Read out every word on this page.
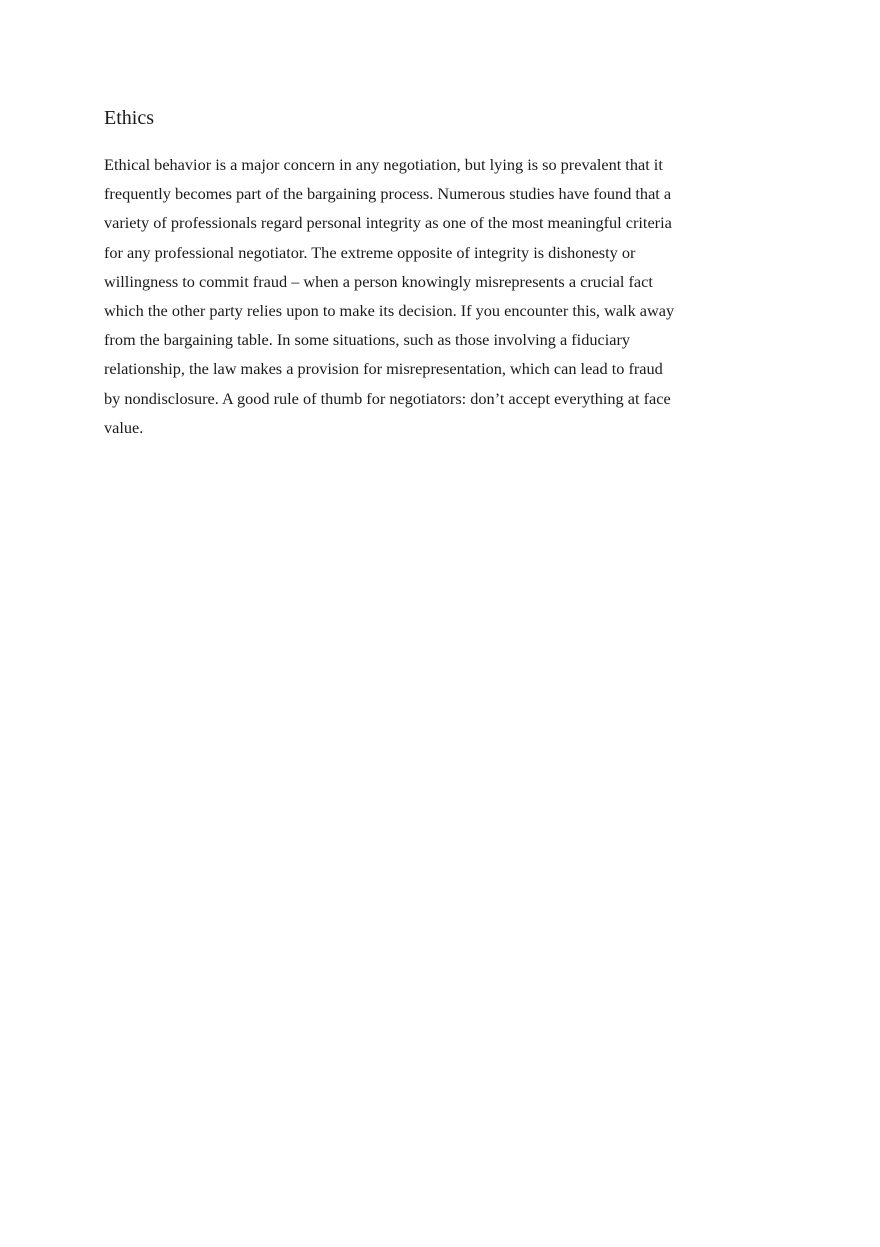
Ethics

Ethical behavior is a major concern in any negotiation, but lying is so prevalent that it
frequently becomes part of the bargaining process. Numerous studies have found that a
variety of professionals regard personal integrity as one of the most meaningful criteria
for any professional negotiator. The extreme opposite of integrity is dishonesty or
willingness to commit fraud – when a person knowingly misrepresents a crucial fact
which the other party relies upon to make its decision. If you encounter this, walk away
from the bargaining table. In some situations, such as those involving a fiduciary
relationship, the law makes a provision for misrepresentation, which can lead to fraud
by nondisclosure. A good rule of thumb for negotiators: don’t accept everything at face
value.
